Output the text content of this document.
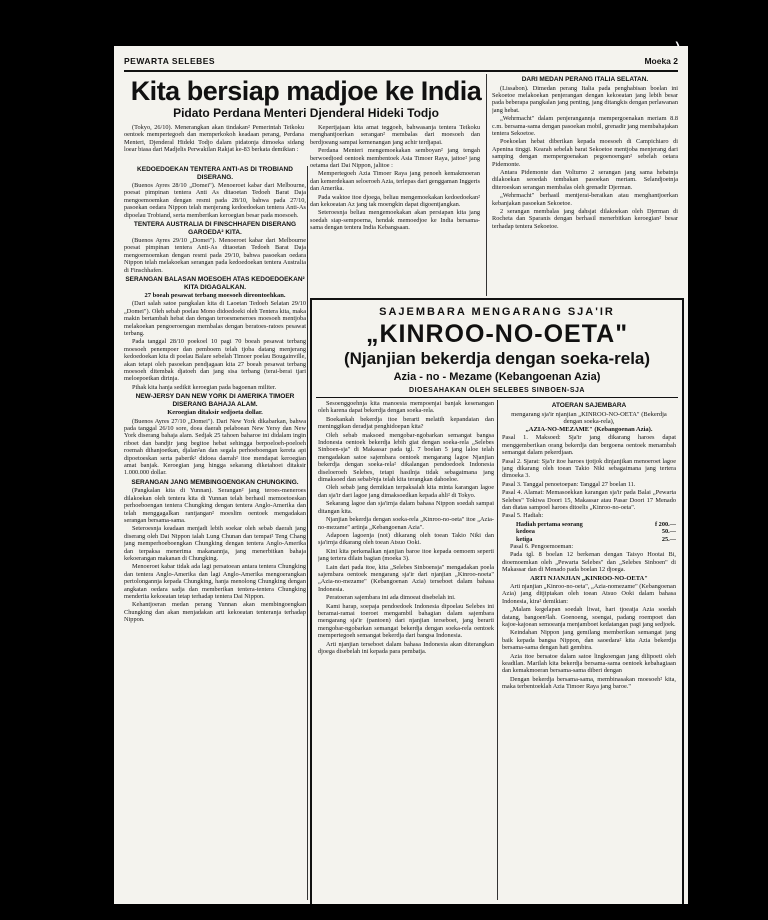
PEWARTA SELEBES	Moeka 2
Kita bersiap madjoe ke India
Pidato Perdana Menteri Djenderal Hideki Todjo

(Tokyo, 26/10). Menerangkan akan tindakan² Pemerintah Teikoku oentoek mempertegoeh dan memperkokoh keadaan perang, Perdana Menteri, Djenderal Hideki Todjo dalam pidatonja dimoeka sidang loear biasa dari Madjelis Perwakilan Rakjat ke-83 berkata demikian :

Kepertjajaan kita amat teggoeh, bahwasanja tentera Teikoku menghantjoerkan serangan² membalas dari moesoeh dan berdjoeang sampai kemenangan jang achir terdjapai.

Perdana Menteri mengemoekakan semboyan² jang tengah berwoedjoed oentoek membentoek Asia Timoer Raya, jaitoe² jang oetama dari Dai Nippon, jalitoe :

Mempertegoeh Azia Timoer Raya jang penoeh kemakmoeran dan kemerdekaan seloeroeh Azia, terlepas dari genggaman Inggeris dan Amerika.

Pada waktoe itoe djoega, beliau mengemoekakan kedoedoekan² dan kekoeatan Az jang tak moengkin dapat digoentjangkan.

Seteroesnja beliau mengemoekakan akan persiapan kita jang soedah siap-sempoerna, hendak memoedjoe ke India bersama-sama dengan tentera India Kebangsaan.

KEDOEDOEKAN TENTERA ANTI-AS DI TROBIAND DISERANG.

(Buenos Ayres 28/10 „Domei"). Menoeroet kabar dari Melbourne, poesat pimpinan tentera Anti As ditaoetan Tedoeh Barat Daja mengoemoemkan dengan resmi pada 28/10, bahwa pada 27/10, pasoekan oedara Nippon telah menjerang kedoedoekan tentera Anti-As dipoelau Trobiand, serta memberikan keroegian besar pada moesoeh.

TENTERA AUSTRALIA DI FINSCHHAFEN DISERANG GAROEDA² KITA.

(Buenos Ayres 29/10 „Domei"). Menoeroet kabar dari Melbourne poesat pimpinan tentera Anti-As ditaoetan Tedoeh Barat Daja mengoemoemkan dengan resmi pada 29/10, bahwa pasoekan oedara Nippon telah melakoekan serangan pada kedoedoekan tentera Australia di Finschhafen.

SERANGAN BALASAN MOESOEH ATAS KEDOEDOEKAN² KITA DIGAGALKAN.
27 boeah pesawat terbang moesoeh direontoehkan.

(Dari salah satoe pangkalan kita di Laoetan Tedoeh Selatan 29/10 „Domei"). Oleh sebab poelau Mono didoedoeki oleh Tentera kita, maka makin bertambah hebat dan dengan teroesmeneroes moesoeh mentjoba melakoekan pengoeroengan membalas dengan beratoes-ratoes pesawat terbang.

Pada tanggal 28/10 poekoel 10 pagi 70 boeah pesawat terbang moesoeh penempoer dan pemboem telah tjoba datang menjerang kedoedoekan kita di poelau Balare sebelah Timoer poelau Bougainville, akan tetapi oleh pasoekan pendjagaan kita 27 boeah pesawat terbang moesoeh ditembak djatoeh dan jang sisa terbang (terai-berai tjari meloepoetkan dirinja.

Pihak kita hanja sedikit keroegian pada bagoenan militer.

NEW-JERSY DAN NEW YORK DI AMERIKA TIMOER DISERANG BAHAJA ALAM.
Keroegian ditaksir sedjoeta dollar.

(Buenos Ayres 27/10 „Domei"). Dari New York dikabarkan, bahwa pada tanggal 26/10 sore, doea daerah pelaboean New Yersy dan New York diserang bahaja alam. Sedjak 25 tahoen baharoe ini didalam ingin riboet dan bandjir jang begitoe hebat sehingga berpoeloeh-poeloeh roemah dihanjoetkan, djalan²an dan segala perhoeboengan kereta api dipoetoeskan serta paberik² didoea daerah² itoe mendapat keroegian amat banjak. Keroegian jang hingga sekarang diketahoei ditaksir 1.000.000 dollar.

SERANGAN JANG MEMBINGOENGKAN CHUNGKING.

(Pangkalan kita di Yunnan). Serangan² jang teroes-meneroes dilakoekan oleh tentera kita di Yunnan telah berhasil memoetoeskan perhoeboengan tentera Chungking dengan tentera Anglo-Amerika dan telah menggagalkan rantjangan² moeslim oentoek mengadakan serangan bersama-sama.

Seteroesnja keadaan menjadi lebih soekar oleh sebab daerah jang diserang oleh Dai Nippon ialah Lung Chunan dan tempat² Teng Chang jang memperhoeboengkan Chungking dengan tentera Anglo-Amerika dan terpaksa menerima makanannja, jang menerbitkan bahaja kekoerangan makanan di Chungking.

Menoeroet kabar tidak ada lagi persatoean antara tentera Chungking dan tentera Anglo-Amerika dan lagi Anglo-Amerika mengoerangkan pertolongannja kepada Chungking, hanja menolong Chungking dengan angkatan oedara sadja dan memberikan tentera-tentera Chungking menderita kekoeatan tetap terhadap tentera Dai Nippon.

Kehantjoeran medan perang Yunnan akan membingoengkan Chungking dan akan menjadakan arti kekoeatan tenteranja terhadap Nippon.

DARI MEDAN PERANG ITALIA SELATAN.

(Lissabon). Dimedan perang Italia pada penghabisan boelan ini Sekoetoe melakoekan penjerangan dengan kekoeatan jang lebih besar pada beberapa pangkalan jang penting, jang ditangkis dengan perlawanan jang hebat.

„Wehrmacht" dalam penjerangannja mempergoenakan meriam 8.8 c.m. bersama-sama dengan pasoekan mobil, grenadir jang membahajakan tentera Sekoetoe.

Poekoelan hebat diberikan kepada moesoeh di Campichiaro di Apenina tinggi. Kearah sebelah barat Sekoetoe mentjoba menjerang dari samping dengan mempergoenakan pegoenoengan² sebelah oetara Pidemonte.

Antara Pidemonte dan Volturno 2 serangan jang sama hebatnja dilakoekan seoedah tembakan pasoekan meriam. Selandjoetnja diteroeskan serangan membalas oleh grenadir Djerman.

„Wehrmacht" berhasil mentjerai-beraikan atau menghantjoerkan kebanjakan pasoekan Sekoetoe.

2 serangan membalas jang dahsjat dilakoekan oleh Djerman di Rocheta dan Sparanis dengan berhasil menerbitkan keroegian² besar terhadap tentera Sekoetoe.

SAJEMBARA MENGARANG SJA'IR
„KINROO-NO-OETA"
(Njanjian bekerdja dengan soeka-rela)
Azia - no - Mezame (Kebangoenan Azia)
DIOESAHAKAN OLEH SELEBES SINBOEN-SJA

Sesoenggoehnja kita manoesia mempoenjai banjak kesenangan oleh karena dapat bekerdja dengan soeka-rela.

Boekankah bekerdja itoe berarti melatih kepandaian dan meninggikan deradjat penghidoepan kita?

Oleh sebab maksoed mengobar-ngobarkan semangat bangsa Indonesia oentoek bekerdja lebih giat dengan soeka-rela „Selebes Sinboen-sja" di Makassar pada tgl. 7 boelan 5 jang laloe telah mengadakan satoe sajembara oentoek mengarang lagoe Njanjian bekerdja dengan soeka-rela² dikalangan pendoedoek Indonesia diseloeroeh Selebes, tetapi hasilnja tidak sebagaimana jang dimaksoed dan sebab²nja telah kita terangkan dahoeloe.

Oleh sebab jang demikian terpaksalah kita minta karangan lagoe dan sja'ir dari lagoe jang dimaksoedkan kepada ahli² di Tokyo.

Sekarang lagoe dan sja'irnja dalam bahasa Nippon soedah sampai ditangan kita.

Njanjian bekerdja dengan soeka-rela „Kinroo-no-oeta" itoe „Azia-no-mezame" artinja „Kebangoenan Azia".

Adapoen lagoenja (not) dikarang oleh toean Takio Niki dan sja'irnja dikarang oleh toean Atsuo Ooki.

Kini kita perkenalkan njanjian baroe itoe kepada oemoem seperti jang tertera dilain bagian (moeka 3).

Lain dari pada itoe, kita „Selebes Sinboensja" mengadakan poela sajembara oentoek mengarang sja'ir dari njanjian „Kinroo-noeta" „Azia-no-mezame" (Kebangoenan Azia) terseboet dalam bahasa Indonesia.

Peratoeran sajembara ini ada dimoeat disebelah ini.

Kami harap, soepaja pendoedoek Indonesia dipoelau Selebes ini beramai-ramai toeroet mengambil bahagian dalam sajembara mengarang sja'ir (pantoen) dari njanjian terseboet, jang berarti mengobar-ngobarkan semangat bekerdja dengan soeka-rela oentoek mempertegoeh semangat bekerdja dari bangsa Indonesia.

Arti njanjian terseboet dalam bahasa Indonesia akan diterangkan djoega disebelah ini kepada para pembatja.

ATOERAN SAJEMBARA
mengarang sja'ir njanjian „KINROO-NO-OETA" (Bekerdja dengan soeka-rela),
„AZIA-NO-MEZAME" (Kebangoenan Azia).

Pasal 1. Maksoed: Sja'ir jang dikarang haroes dapat menggemberikan orang bekerdja dan bergoena oentoek menambah semangat dalam pekerdjaan.

Pasal 2. Sjarat: Sja'ir itoe haroes tjotjok dinjanjikan menoeroet lagoe jang dikarang oleh toean Takio Niki sebagaimana jang tertera dimoeka 3.

Pasal 3. Tanggal penoetoepan: Tanggal 27 boelan 11.

Pasal 4. Alamat: Memasoekkan karangan sja'ir pada Balai „Pewarta Selebes" Tokiwa Doori 15, Makassar atau Pasar Doori 17 Menado dan diatas sampoel haroes ditoelis „Kinroo-no-oeta".

Pasal 5. Hadiah:

Hadiah pertama seorang	f 200.—
kedoea	50.—
ketiga	25.—

Pasal 6. Pengoemoeman:

Pada tgl. 8 boelan 12 berkenan dengan Taisyo Hootai Bi, dioemoemkan oleh „Pewarta Selebes" dan „Selebes Sinboen" di Makassar dan di Menado pada boelan 12 djoega.

ARTI NJANJIAN „KINROO-NO-OETA"

Arti njanjian „Kinroo-no-oeta", „Azia-nomezame" (Kebangoenan Azia) jang ditjiptakan oleh toean Atsuo Ooki dalam bahasa Indonesia, kira² demikian:

„Malam kegelapan soedah liwat, hari tjoeatja Azia soedah datang, bangoen²lah. Goenoeng, soengai, padang roempoet dan kajoe-kajoean semoeanja menjamboet kedatangan pagi jang sedjoek.

Keindahan Nippon jang gemilang memberikan semangat jang baik kepada bangsa Nippon, dan saoedara² kita Azia bekerdja bersama-sama dengan hati gembira.

Azia itoe bersatoe dalam satoe lingkoengan jang dilipoeti oleh keadilan. Marilah kita bekerdja bersama-sama oentoek kebahagiaan dan kemakmoeran bersama-sama diberi dengan

Dengan bekerdja bersama-sama, membinasakan moesoeh² kita, maka terbentoeklah Azia Timoer Raya jang baroe."
